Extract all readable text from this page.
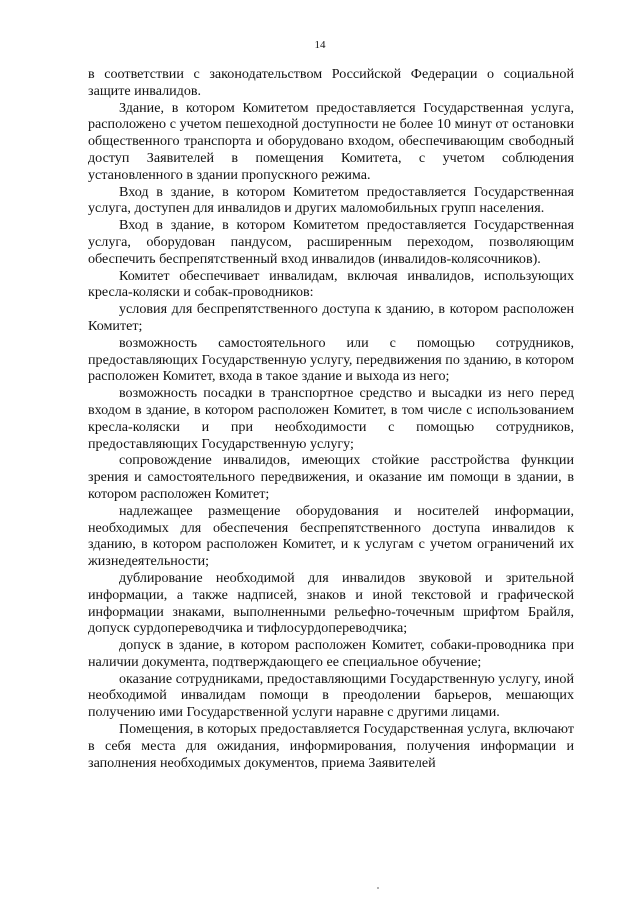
14

в соответствии с законодательством Российской Федерации о социальной защите инвалидов.

Здание, в котором Комитетом предоставляется Государственная услуга, расположено с учетом пешеходной доступности не более 10 минут от остановки общественного транспорта и оборудовано входом, обеспечивающим свободный доступ Заявителей в помещения Комитета, с учетом соблюдения установленного в здании пропускного режима.

Вход в здание, в котором Комитетом предоставляется Государственная услуга, доступен для инвалидов и других маломобильных групп населения.

Вход в здание, в котором Комитетом предоставляется Государственная услуга, оборудован пандусом, расширенным переходом, позволяющим обеспечить беспрепятственный вход инвалидов (инвалидов-колясочников).

Комитет обеспечивает инвалидам, включая инвалидов, использующих кресла-коляски и собак-проводников:

условия для беспрепятственного доступа к зданию, в котором расположен Комитет;

возможность самостоятельного или с помощью сотрудников, предоставляющих Государственную услугу, передвижения по зданию, в котором расположен Комитет, входа в такое здание и выхода из него;

возможность посадки в транспортное средство и высадки из него перед входом в здание, в котором расположен Комитет, в том числе с использованием кресла-коляски и при необходимости с помощью сотрудников, предоставляющих Государственную услугу;

сопровождение инвалидов, имеющих стойкие расстройства функции зрения и самостоятельного передвижения, и оказание им помощи в здании, в котором расположен Комитет;

надлежащее размещение оборудования и носителей информации, необходимых для обеспечения беспрепятственного доступа инвалидов к зданию, в котором расположен Комитет, и к услугам с учетом ограничений их жизнедеятельности;

дублирование необходимой для инвалидов звуковой и зрительной информации, а также надписей, знаков и иной текстовой и графической информации знаками, выполненными рельефно-точечным шрифтом Брайля, допуск сурдопереводчика и тифлосурдопереводчика;

допуск в здание, в котором расположен Комитет, собаки-проводника при наличии документа, подтверждающего ее специальное обучение;

оказание сотрудниками, предоставляющими Государственную услугу, иной необходимой инвалидам помощи в преодолении барьеров, мешающих получению ими Государственной услуги наравне с другими лицами.

Помещения, в которых предоставляется Государственная услуга, включают в себя места для ожидания, информирования, получения информации и заполнения необходимых документов, приема Заявителей
